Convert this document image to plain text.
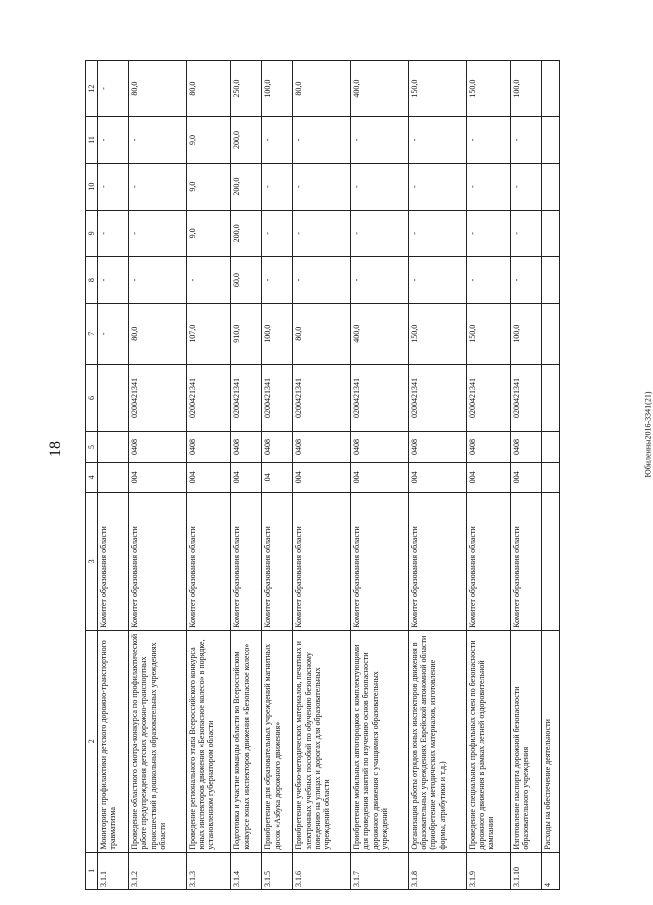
18	Юбилеины2016-3341(21)
1	2	3	4	5	6	7	8	9	10	11	12
3.1.1	Мониторинг профилактики детского дорожно-транспортного травматизма	Комитет образования области				-	-	-	-	-	-
3.1.2	Проведение областного смотра-конкурса по профилактической работе предупреждения детских дорожно-транспортных происшествий в дошкольных образовательных учреждениях области	Комитет образования области	004	0408	0200421341	80,0	-	-	-	-	80,0
3.1.3	Проведение регионального этапа Всероссийского конкурса юных инспекторов движения «Безопасное колесо» в порядке, установленном губернатором области	Комитет образования области	004	0408	0200421341	107,0	-	9,0	9,0	9,0	80,0
3.1.4	Подготовка и участие команды области во Всероссийском конкурсе юных инспекторов движения «Безопасное колесо»	Комитет образования области	004	0408	0200421341	910,0	60,0	200,0	200,0	200,0	250,0
3.1.5	Приобретение для образовательных учреждений магнитных досок «Азбука дорожного движения»	Комитет образования области	04	0408	0200421341	100,0	-	-	-	-	100,0
3.1.6	Приобретение учебно-методических материалов, печатных и электронных учебных пособий по обучению безопасному поведению на улицах и дорогах для образовательных учреждений области	Комитет образования области	004	0408	0200421341	80,0	-	-	-	-	80,0
3.1.7	Приобретение мобильных автогородков с комплектующими для проведения занятий по изучению основ безопасности дорожного движения с учащимися образовательных учреждений	Комитет образования области	004	0408	0200421341	400,0	-	-	-	-	400,0
3.1.8	Организация работы отрядов юных инспекторов движения в образовательных учреждениях Еврейской автономной области (приобретение методических материалов, изготовление формы, атрибутики и т.д.)	Комитет образования области	004	0408	0200421341	150,0	-	-	-	-	150,0
3.1.9	Проведение специальных профильных смен по безопасности дорожного движения в рамках летней оздоровительной кампании	Комитет образования области	004	0408	0200421341	150,0	-	-	-	-	150,0
3.1.10	Изготовление паспорта дорожной безопасности образовательного учреждения	Комитет образования области	004	0408	0200421341	100,0	-	-	-	-	100,0
4	Расходы на обеспечение деятельности										
